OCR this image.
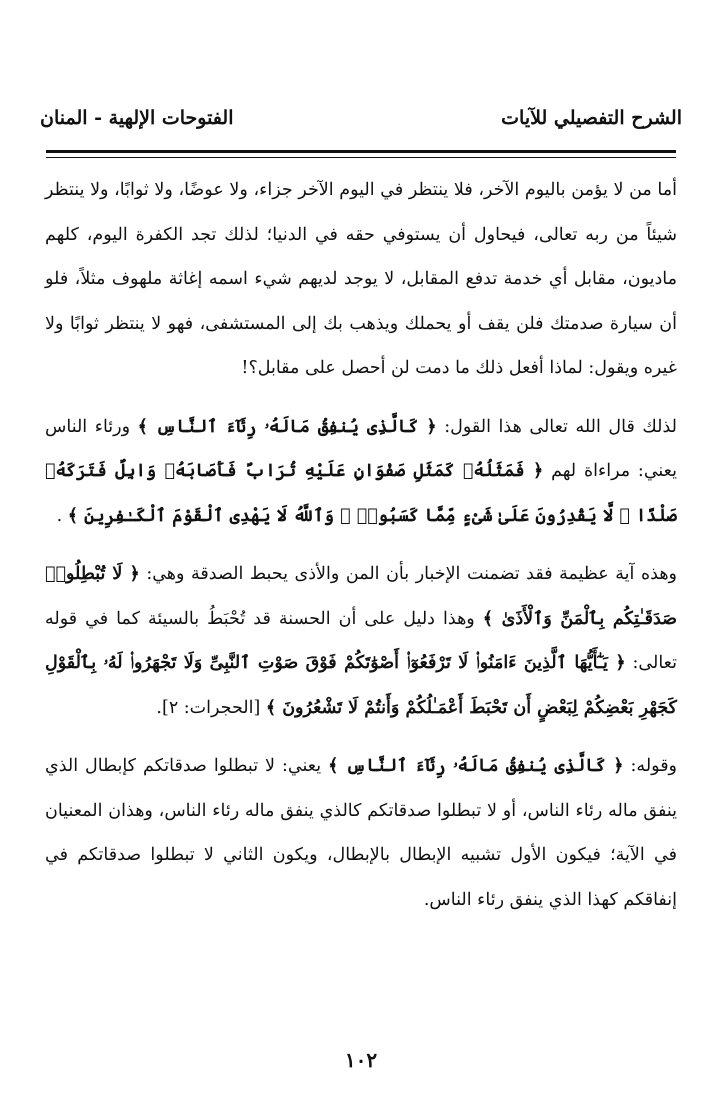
الشرح التفصيلي للآيات
الفتوحات الإلهية - المنان

أما من لا يؤمن باليوم الآخر، فلا ينتظر في اليوم الآخر جزاء، ولا عوضًا، ولا ثوابًا، ولا ينتظر شيئاً من ربه تعالى، فيحاول أن يستوفي حقه في الدنيا؛ لذلك تجد الكفرة اليوم، كلهم ماديون، مقابل أي خدمة تدفع المقابل، لا يوجد لديهم شيء اسمه إغاثة ملهوف مثلاً، فلو أن سيارة صدمتك فلن يقف أو يحملك ويذهب بك إلى المستشفى، فهو لا ينتظر ثوابًا ولا غيره ويقول: لماذا أفعل ذلك ما دمت لن أحصل على مقابل؟!

لذلك قال الله تعالى هذا القول: ﴿ كَالَّذِى يُنفِقُ مَالَهُۥ رِئَآءَ ٱلنَّاسِ ﴾ ورئاء الناس يعني: مراءاة لهم ﴿ فَمَثَلُهُۥ كَمَثَلِ صَفْوَانٍ عَلَيْهِ تُرَابٌ فَأَصَابَهُۥ وَابِلٌ فَتَرَكَهُۥ صَلْدًا ۖ لَّا يَقْدِرُونَ عَلَىٰ شَىْءٍ مِّمَّا كَسَبُوا۟ ۗ وَٱللَّهُ لَا يَهْدِى ٱلْقَوْمَ ٱلْكَـٰفِرِينَ ﴾ .

وهذه آية عظيمة فقد تضمنت الإخبار بأن المن والأذى يحبط الصدقة وهي: ﴿ لَا تُبْطِلُوا۟ صَدَقَـٰتِكُم بِٱلْمَنِّ وَٱلْأَذَىٰ ﴾ وهذا دليل على أن الحسنة قد تُحْبَطُ بالسيئة كما في قوله تعالى: ﴿ يَـٰٓأَيُّهَا ٱلَّذِينَ ءَامَنُوا۟ لَا تَرْفَعُوٓا۟ أَصْوَٰتَكُمْ فَوْقَ صَوْتِ ٱلنَّبِىِّ وَلَا تَجْهَرُوا۟ لَهُۥ بِٱلْقَوْلِ كَجَهْرِ بَعْضِكُمْ لِبَعْضٍ أَن تَحْبَطَ أَعْمَـٰلُكُمْ وَأَنتُمْ لَا تَشْعُرُونَ ﴾ [الحجرات: ٢].

وقوله: ﴿ كَالَّذِى يُنفِقُ مَالَهُۥ رِئَآءَ ٱلنَّاسِ ﴾ يعني: لا تبطلوا صدقاتكم كإبطال الذي ينفق ماله رئاء الناس، أو لا تبطلوا صدقاتكم كالذي ينفق ماله رئاء الناس، وهذان المعنيان في الآية؛ فيكون الأول تشبيه الإبطال بالإبطال، ويكون الثاني لا تبطلوا صدقاتكم في إنفاقكم كهذا الذي ينفق رئاء الناس.

١٠٢
